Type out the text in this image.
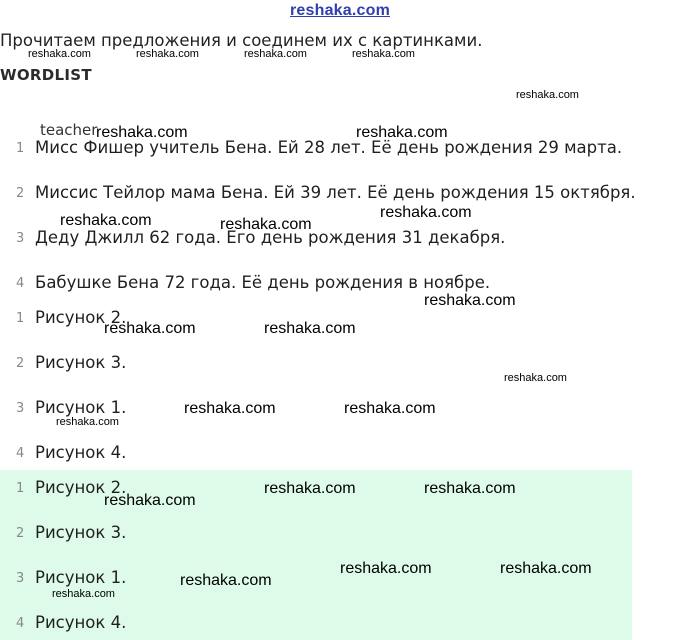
reshaka.com
Прочитаем предложения и соединем их с картинками.
WORDLIST
teacher
1 Мисс Фишер учитель Бена. Ей 28 лет. Её день рождения 29 марта.
2 Миссис Тейлор мама Бена. Ей 39 лет. Её день рождения 15 октября.
3 Деду Джилл 62 года. Его день рождения 31 декабря.
4 Бабушке Бена 72 года. Её день рождения в ноябре.
1 Рисунок 2.
2 Рисунок 3.
3 Рисунок 1.
4 Рисунок 4.
1 Рисунок 2.
2 Рисунок 3.
3 Рисунок 1.
4 Рисунок 4.
reshaka.com	reshaka.com	reshaka.com	reshaka.com
reshaka.com
reshaka.com	reshaka.com
reshaka.com
reshaka.com	reshaka.com
reshaka.com
reshaka.com	reshaka.com
reshaka.com
reshaka.com	reshaka.com
reshaka.com
reshaka.com	reshaka.com
reshaka.com
reshaka.com	reshaka.com
reshaka.com
reshaka.com
